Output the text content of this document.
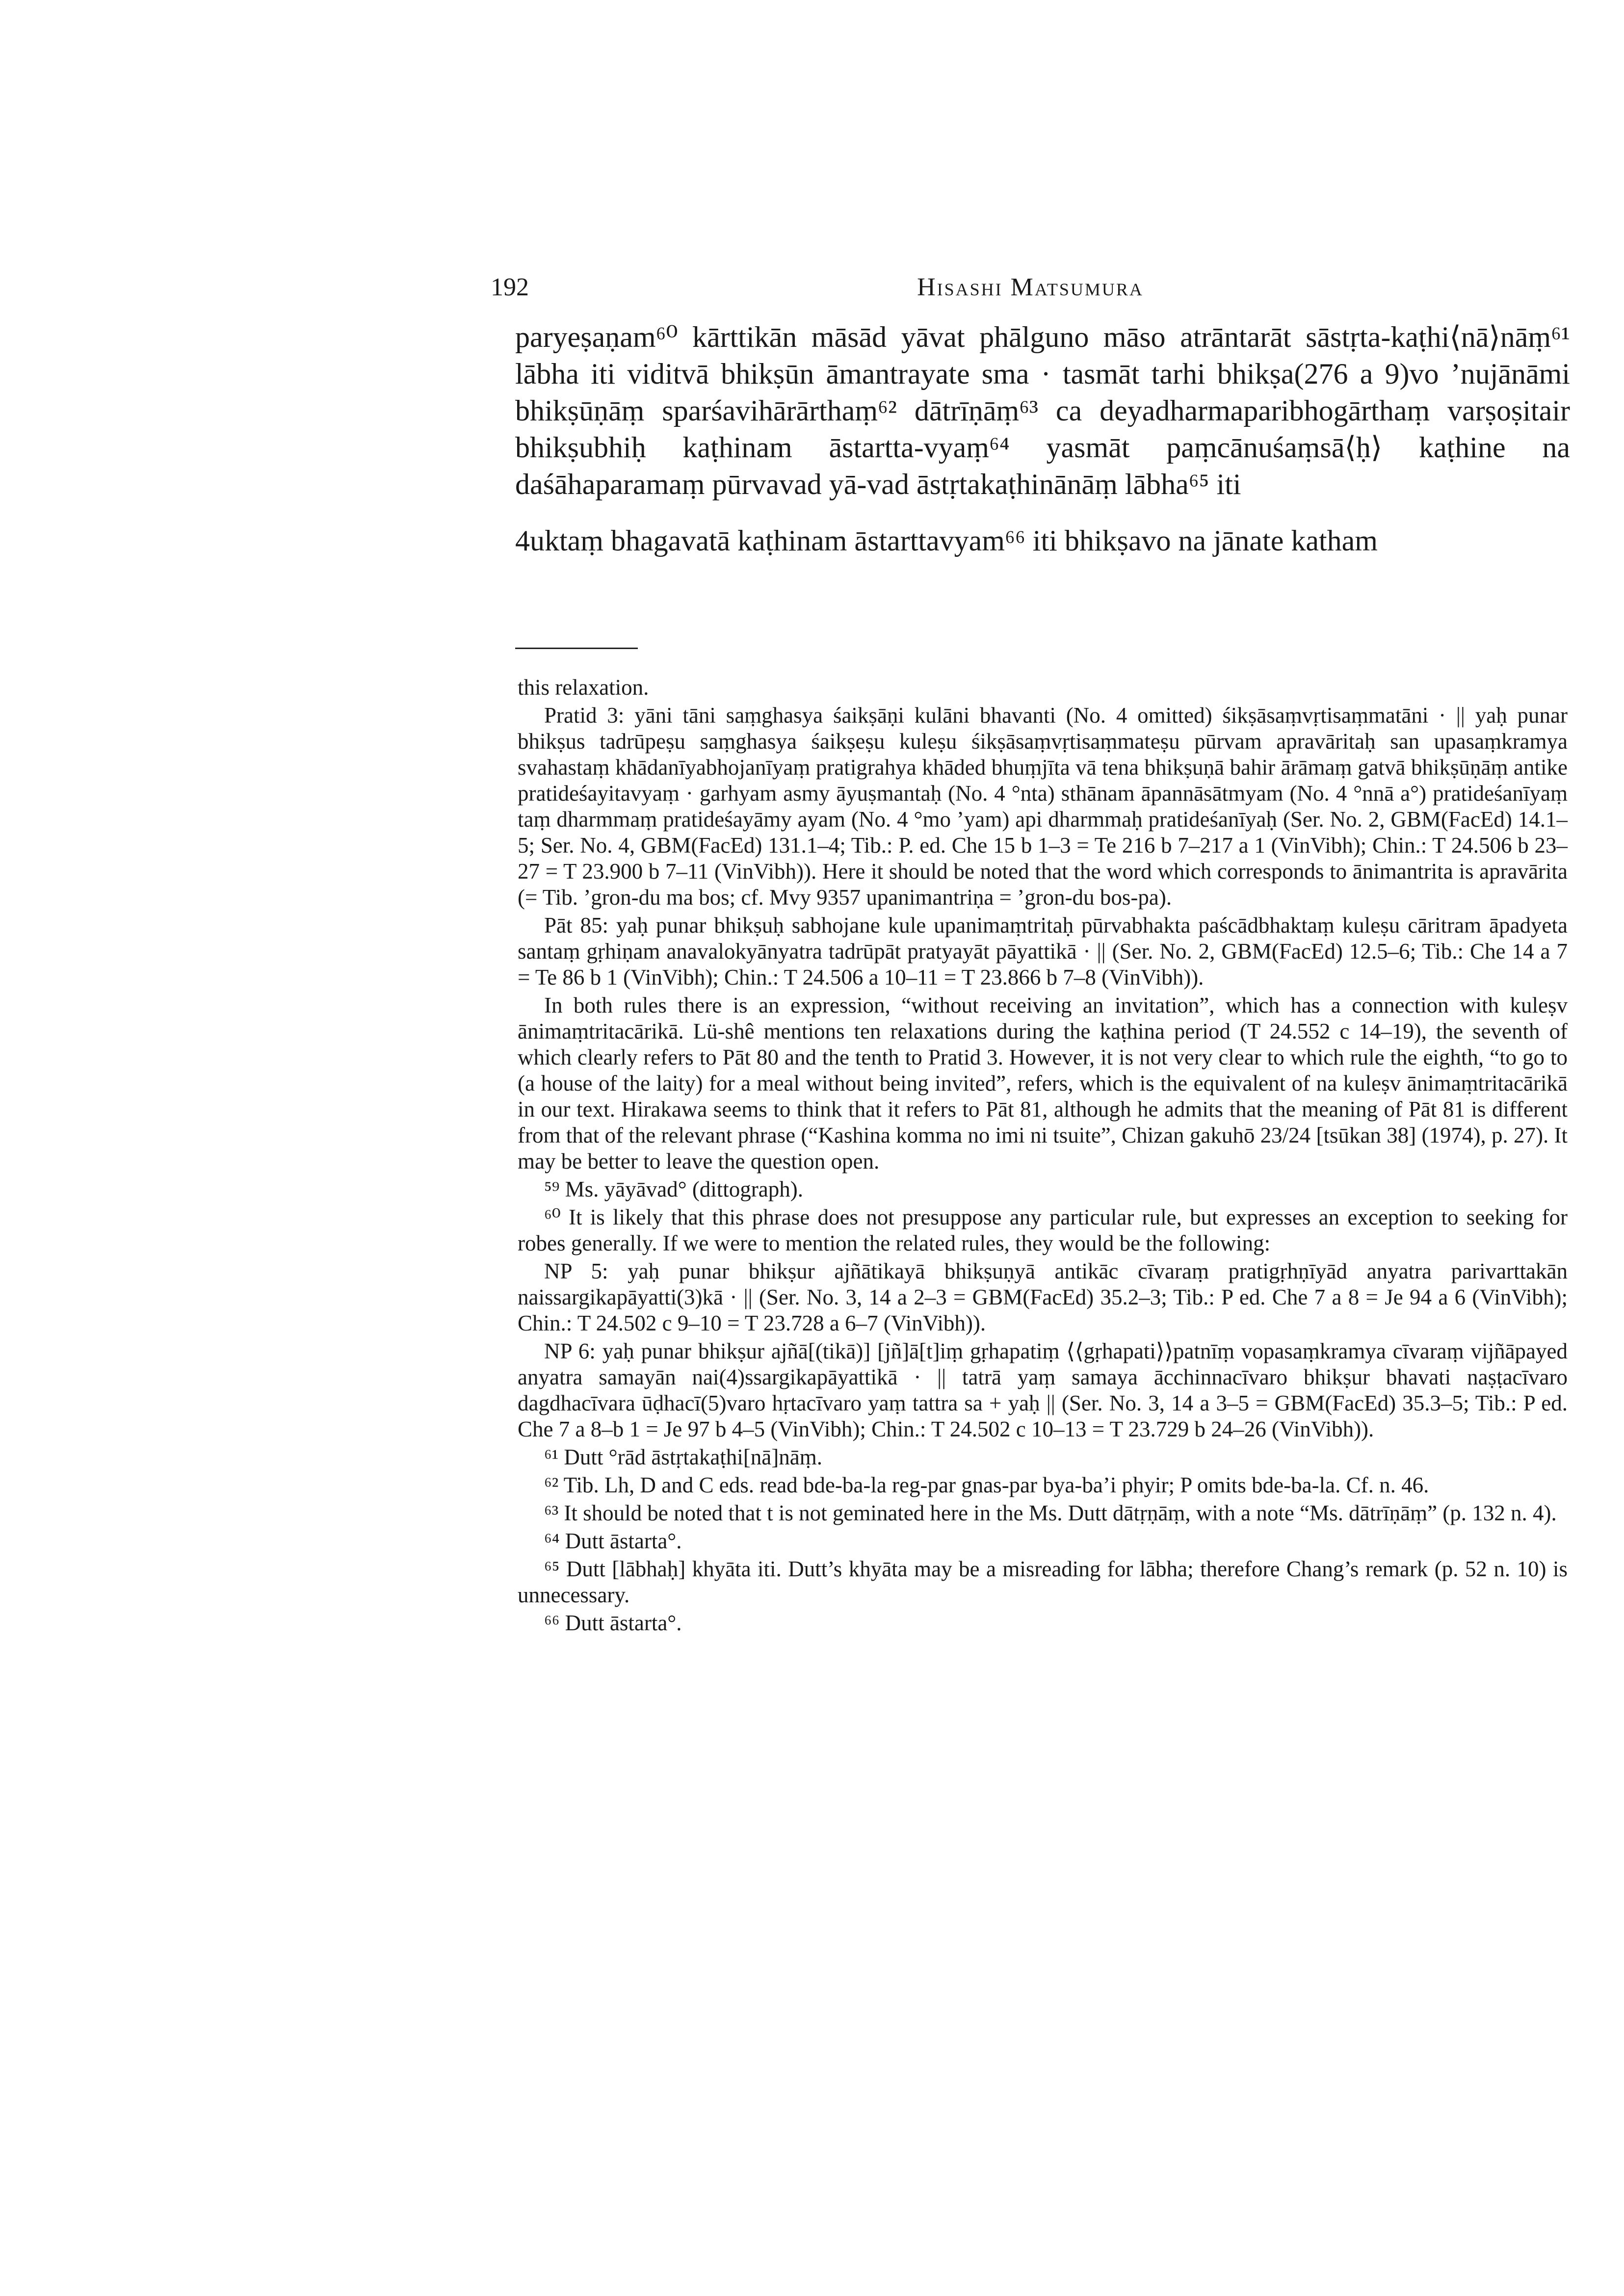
192	Hisashi Matsumura

paryeṣaṇam⁶⁰ kārttikān māsād yāvat phālguno māso atrāntarāt sāstṛta-kaṭhi⟨nā⟩nāṃ⁶¹ lābha iti viditvā bhikṣūn āmantrayate sma · tasmāt tarhi bhikṣa(276 a 9)vo ’nujānāmi bhikṣūṇāṃ sparśavihārārthaṃ⁶² dātrīṇāṃ⁶³ ca deyadharmaparibhogārthaṃ varṣoṣitair bhikṣubhiḥ kaṭhinam āstartta-vyaṃ⁶⁴ yasmāt paṃcānuśaṃsā⟨ḥ⟩ kaṭhine na daśāhaparamaṃ pūrvavad yā-vad āstṛtakaṭhinānāṃ lābha⁶⁵ iti

4uktaṃ bhagavatā kaṭhinam āstarttavyam⁶⁶ iti bhikṣavo na jānate katham

this relaxation.

Pratid 3: yāni tāni saṃghasya śaikṣāṇi kulāni bhavanti (No. 4 omitted) śikṣāsaṃvṛtisaṃmatāni · || yaḥ punar bhikṣus tadrūpeṣu saṃghasya śaikṣeṣu kuleṣu śikṣāsaṃvṛtisaṃmateṣu pūrvam apravāritaḥ san upasaṃkramya svahastaṃ khādanīyabhojanīyaṃ pratigrahya khāded bhuṃjīta vā tena bhikṣuṇā bahir ārāmaṃ gatvā bhikṣūṇāṃ antike pratideśayitavyaṃ · garhyam asmy āyuṣmantaḥ (No. 4 °nta) sthānam āpannāsātmyam (No. 4 °nnā a°) pratideśanīyaṃ taṃ dharmmaṃ pratideśayāmy ayam (No. 4 °mo ’yam) api dharmmaḥ pratideśanīyaḥ (Ser. No. 2, GBM(FacEd) 14.1–5; Ser. No. 4, GBM(FacEd) 131.1–4; Tib.: P. ed. Che 15 b 1–3 = Te 216 b 7–217 a 1 (VinVibh); Chin.: T 24.506 b 23–27 = T 23.900 b 7–11 (VinVibh)). Here it should be noted that the word which corresponds to ānimantrita is apravārita (= Tib. ’gron-du ma bos; cf. Mvy 9357 upanimantriṇa = ’gron-du bos-pa).

Pāt 85: yaḥ punar bhikṣuḥ sabhojane kule upanimaṃtritaḥ pūrvabhakta paścādbhaktaṃ kuleṣu cāritram āpadyeta santaṃ gṛhiṇam anavalokyānyatra tadrūpāt pratyayāt pāyattikā · || (Ser. No. 2, GBM(FacEd) 12.5–6; Tib.: Che 14 a 7 = Te 86 b 1 (VinVibh); Chin.: T 24.506 a 10–11 = T 23.866 b 7–8 (VinVibh)).

In both rules there is an expression, “without receiving an invitation”, which has a connection with kuleṣv ānimaṃtritacārikā. Lü-shê mentions ten relaxations during the kaṭhina period (T 24.552 c 14–19), the seventh of which clearly refers to Pāt 80 and the tenth to Pratid 3. However, it is not very clear to which rule the eighth, “to go to (a house of the laity) for a meal without being invited”, refers, which is the equivalent of na kuleṣv ānimaṃtritacārikā in our text. Hirakawa seems to think that it refers to Pāt 81, although he admits that the meaning of Pāt 81 is different from that of the relevant phrase (“Kashina komma no imi ni tsuite”, Chizan gakuhō 23/24 [tsūkan 38] (1974), p. 27). It may be better to leave the question open.

⁵⁹ Ms. yāyāvad° (dittograph).

⁶⁰ It is likely that this phrase does not presuppose any particular rule, but expresses an exception to seeking for robes generally. If we were to mention the related rules, they would be the following:

NP 5: yaḥ punar bhikṣur ajñātikayā bhikṣuṇyā antikāc cīvaraṃ pratigṛhṇīyād anyatra parivarttakān naissargikapāyatti(3)kā · || (Ser. No. 3, 14 a 2–3 = GBM(FacEd) 35.2–3; Tib.: P ed. Che 7 a 8 = Je 94 a 6 (VinVibh); Chin.: T 24.502 c 9–10 = T 23.728 a 6–7 (VinVibh)).

NP 6: yaḥ punar bhikṣur ajñā[(tikā)] [jñ]ā[t]iṃ gṛhapatiṃ ⟨⟨gṛhapati⟩⟩patnīṃ vopasaṃkramya cīvaraṃ vijñāpayed anyatra samayān nai(4)ssargikapāyattikā · || tatrā yaṃ samaya ācchinnacīvaro bhikṣur bhavati naṣṭacīvaro dagdhacīvara ūḍhacī(5)varo hṛtacīvaro yaṃ tattra sa + yaḥ || (Ser. No. 3, 14 a 3–5 = GBM(FacEd) 35.3–5; Tib.: P ed. Che 7 a 8–b 1 = Je 97 b 4–5 (VinVibh); Chin.: T 24.502 c 10–13 = T 23.729 b 24–26 (VinVibh)).

⁶¹ Dutt °rād āstṛtakaṭhi[nā]nāṃ.

⁶² Tib. Lh, D and C eds. read bde-ba-la reg-par gnas-par bya-ba’i phyir; P omits bde-ba-la. Cf. n. 46.

⁶³ It should be noted that t is not geminated here in the Ms. Dutt dātṛṇāṃ, with a note “Ms. dātrīṇāṃ” (p. 132 n. 4).

⁶⁴ Dutt āstarta°.

⁶⁵ Dutt [lābhaḥ] khyāta iti. Dutt’s khyāta may be a misreading for lābha; therefore Chang’s remark (p. 52 n. 10) is unnecessary.

⁶⁶ Dutt āstarta°.
